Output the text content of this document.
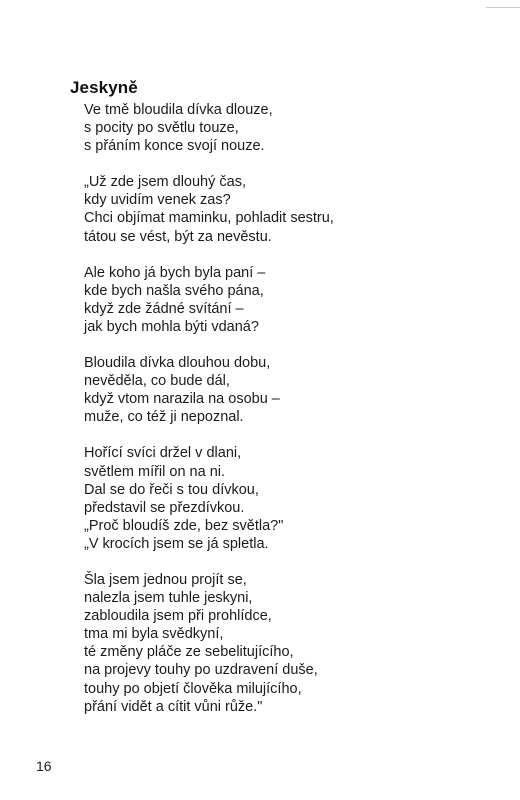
Jeskyně
Ve tmě bloudila dívka dlouze,
s pocity po světlu touze,
s přáním konce svojí nouze.
„Už zde jsem dlouhý čas,
kdy uvidím venek zas?
Chci objímat maminku, pohladit sestru,
tátou se vést, být za nevěstu.
Ale koho já bych byla paní –
kde bych našla svého pána,
když zde žádné svítání –
jak bych mohla býti vdaná?
Bloudila dívka dlouhou dobu,
nevěděla, co bude dál,
když vtom narazila na osobu –
muže, co též ji nepoznal.
Hořící svíci držel v dlani,
světlem mířil on na ni.
Dal se do řeči s tou dívkou,
představil se přezdívkou.
„Proč bloudíš zde, bez světla?"
„V krocích jsem se já spletla.
Šla jsem jednou projít se,
nalezla jsem tuhle jeskyni,
zabloudila jsem při prohlídce,
tma mi byla svědkyní,
té změny pláče ze sebelitujícího,
na projevy touhy po uzdravení duše,
touhy po objetí člověka milujícího,
přání vidět a cítit vůni růže."
16
